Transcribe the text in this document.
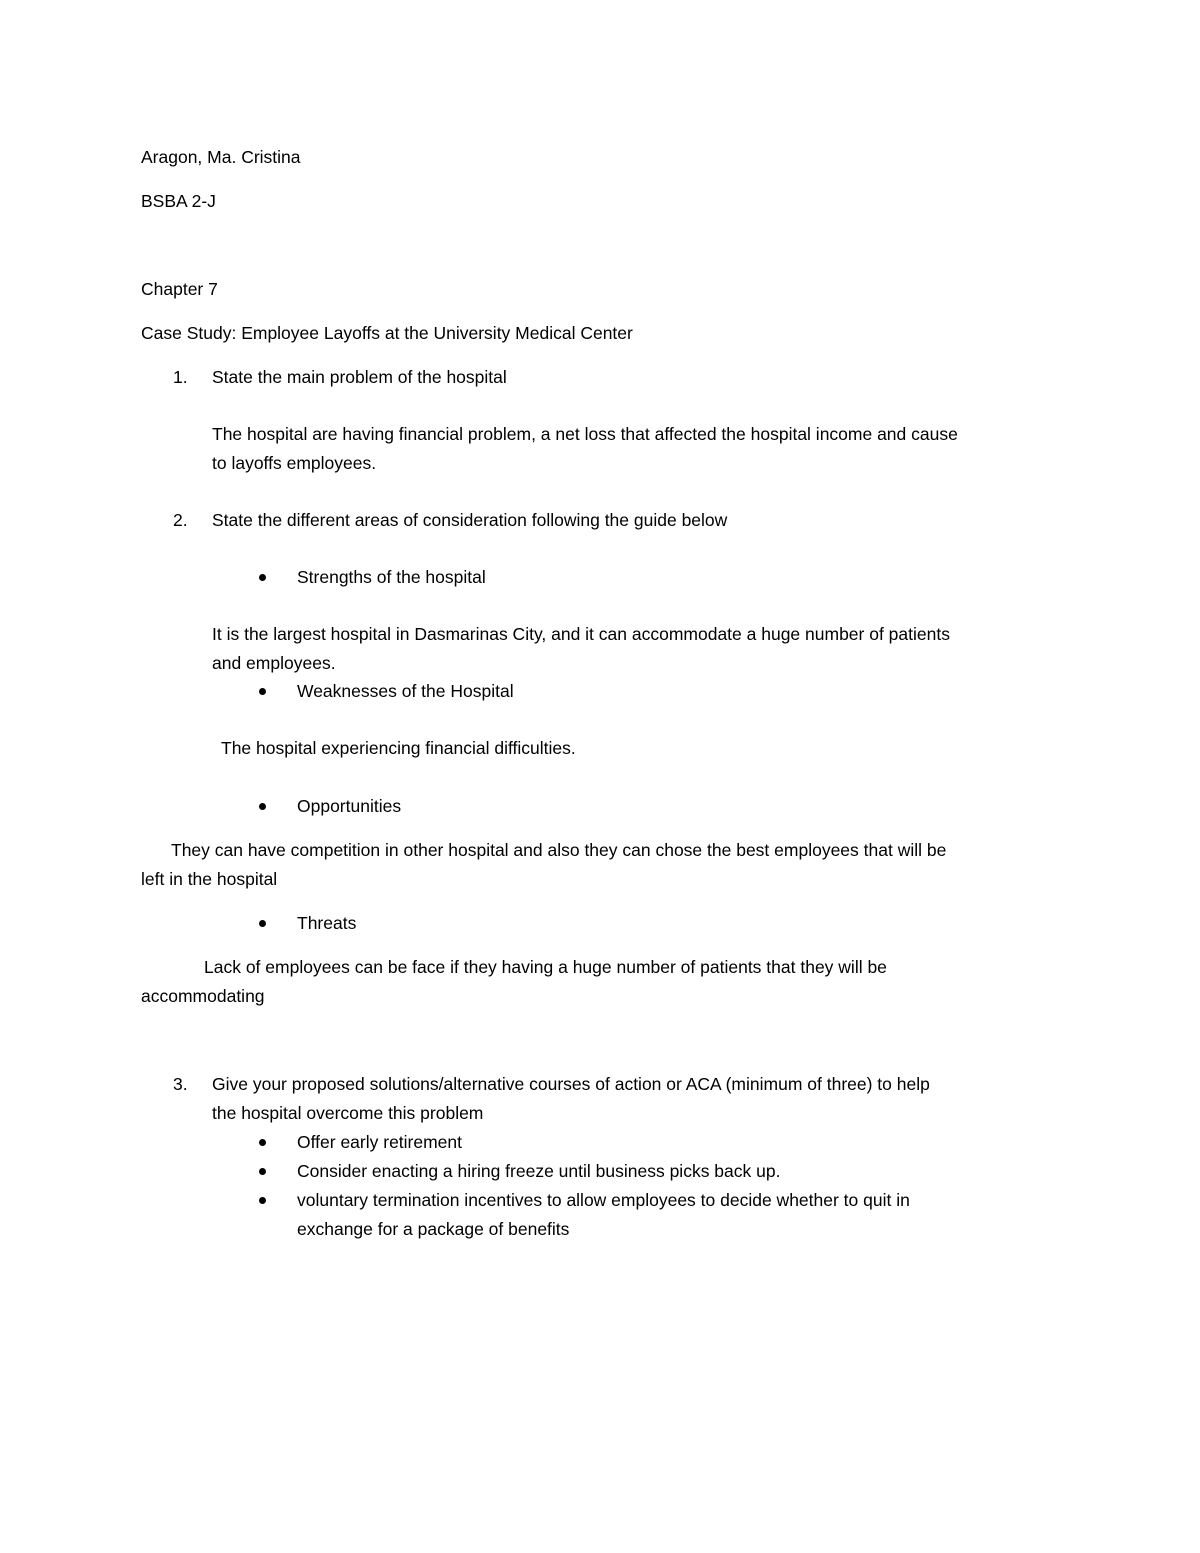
Aragon, Ma. Cristina
BSBA 2-J
Chapter 7
Case Study: Employee Layoffs at the University Medical Center
1. State the main problem of the hospital
The hospital are having financial problem, a net loss that affected the hospital income and cause
to layoffs employees.
2. State the different areas of consideration following the guide below
Strengths of the hospital
It is the largest hospital in Dasmarinas City, and it can accommodate a huge number of patients
and employees.
Weaknesses of the Hospital
The hospital experiencing financial difficulties.
Opportunities
They can have competition in other hospital and also they can chose the best employees that will be
left in the hospital
Threats
Lack of employees can be face if they having a huge number of patients that they will be
accommodating
3. Give your proposed solutions/alternative courses of action or ACA (minimum of three) to help
the hospital overcome this problem
Offer early retirement
Consider enacting a hiring freeze until business picks back up.
voluntary termination incentives to allow employees to decide whether to quit in
exchange for a package of benefits
